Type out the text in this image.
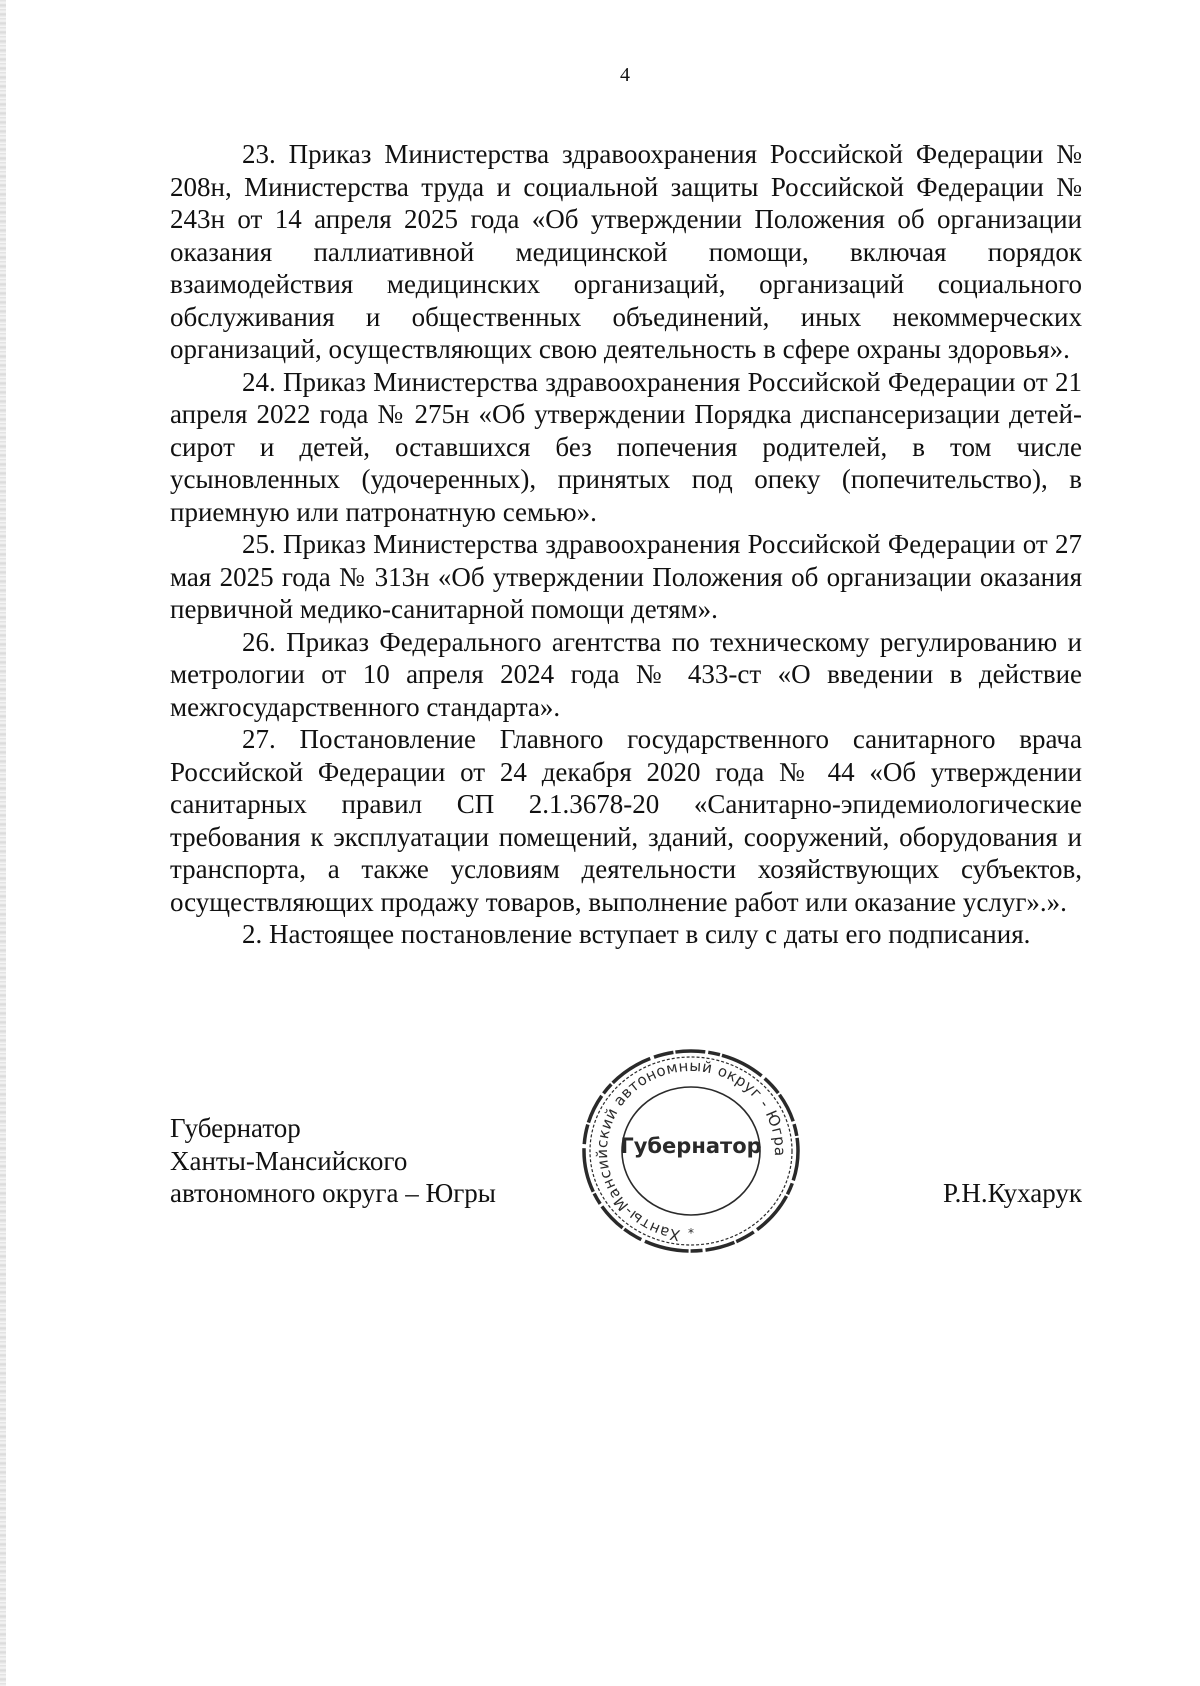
4

23. Приказ Министерства здравоохранения Российской Федерации № 208н, Министерства труда и социальной защиты Российской Федерации № 243н от 14 апреля 2025 года «Об утверждении Положения об организации оказания паллиативной медицинской помощи, включая порядок взаимодействия медицинских организаций, организаций социального обслуживания и общественных объединений, иных некоммерческих организаций, осуществляющих свою деятельность в сфере охраны здоровья».

24. Приказ Министерства здравоохранения Российской Федерации от 21 апреля 2022 года № 275н «Об утверждении Порядка диспансеризации детей-сирот и детей, оставшихся без попечения родителей, в том числе усыновленных (удочеренных), принятых под опеку (попечительство), в приемную или патронатную семью».

25. Приказ Министерства здравоохранения Российской Федерации от 27 мая 2025 года № 313н «Об утверждении Положения об организации оказания первичной медико-санитарной помощи детям».

26. Приказ Федерального агентства по техническому регулированию и метрологии от 10 апреля 2024 года № 433-ст «О введении в действие межгосударственного стандарта».

27. Постановление Главного государственного санитарного врача Российской Федерации от 24 декабря 2020 года № 44 «Об утверждении санитарных правил СП 2.1.3678-20 «Санитарно-эпидемиологические требования к эксплуатации помещений, зданий, сооружений, оборудования и транспорта, а также условиям деятельности хозяйствующих субъектов, осуществляющих продажу товаров, выполнение работ или оказание услуг».».

2. Настоящее постановление вступает в силу с даты его подписания.

Губернатор
Ханты-Мансийского
автономного округа – Югры
Ханты-Мансийский автономный округ - Югра
Губернатор
*
Р.Н.Кухарук
